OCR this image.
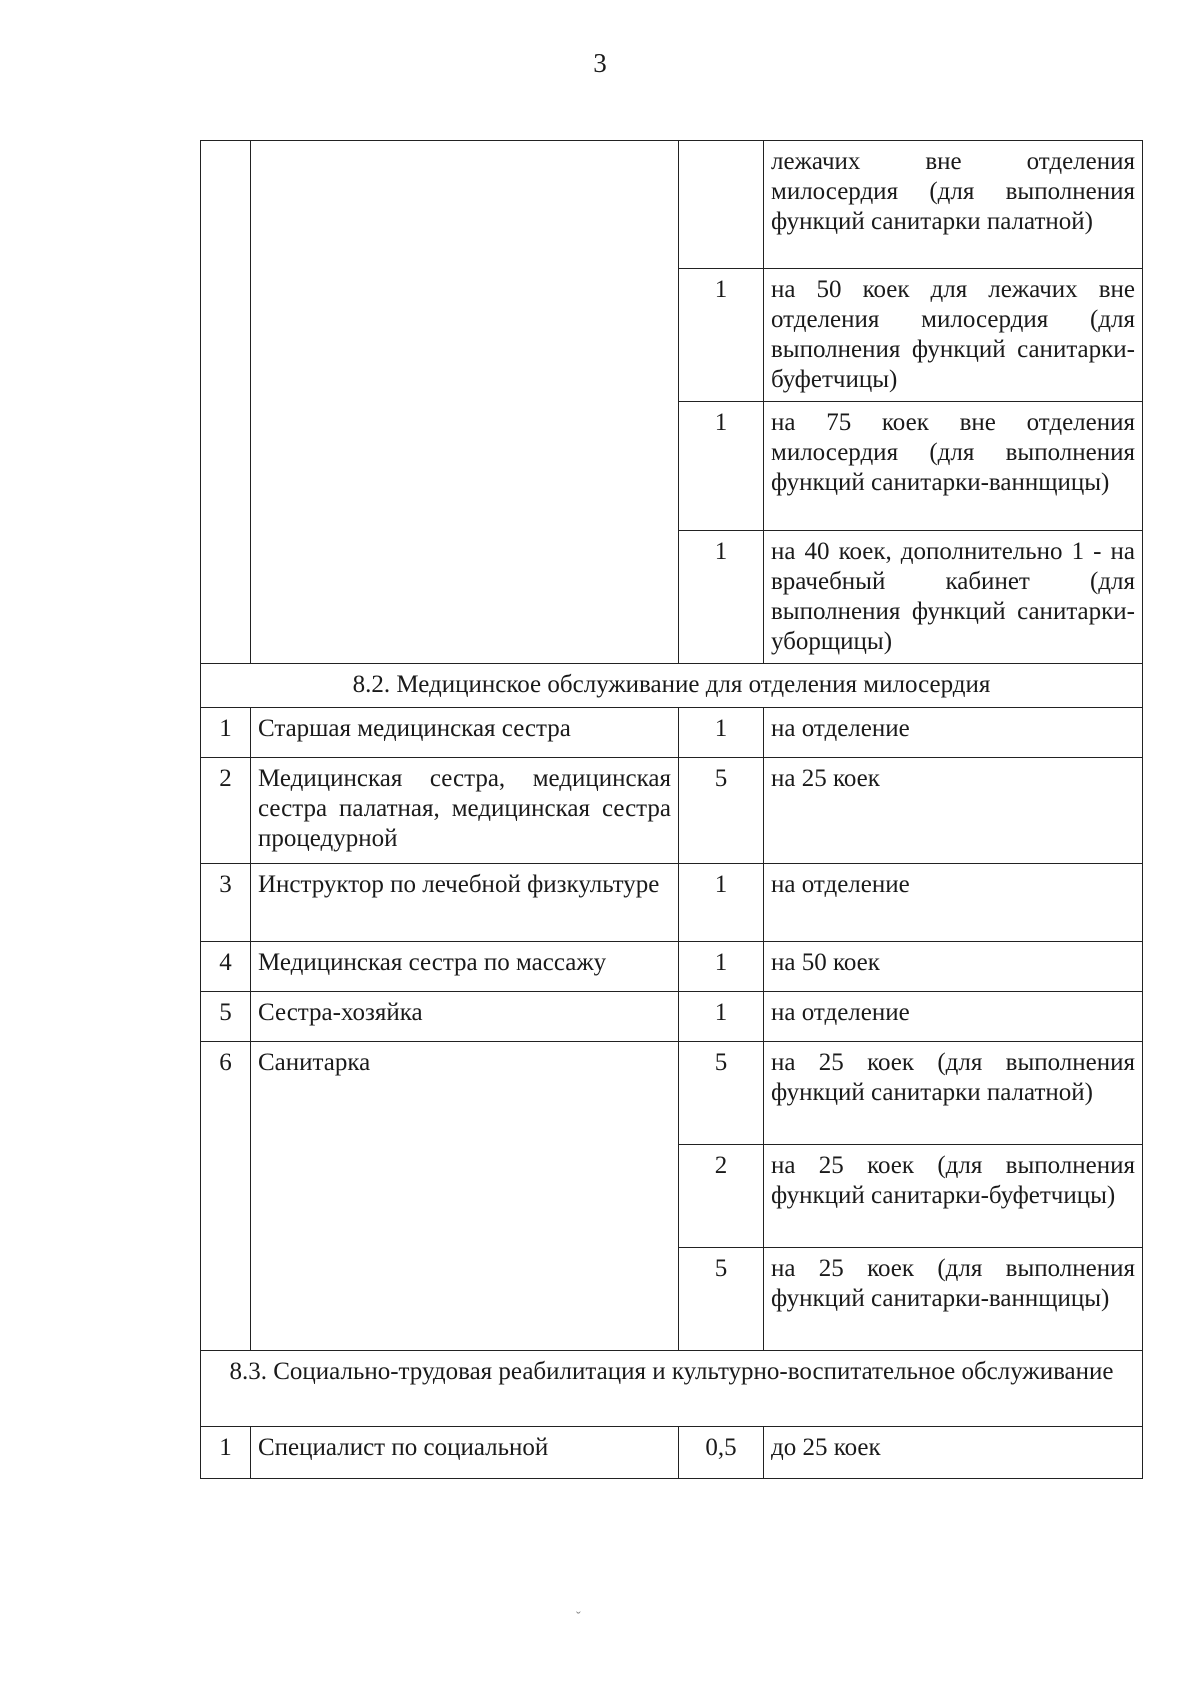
3
			лежачих вне отделения милосердия (для выполнения функций санитарки палатной)
		1	на 50 коек для лежачих вне отделения милосердия (для выполнения функций санитарки-буфетчицы)
		1	на 75 коек вне отделения милосердия (для выполнения функций санитарки-ваннщицы)
		1	на 40 коек, дополнительно 1 - на врачебный кабинет (для выполнения функций санитарки-уборщицы)
8.2. Медицинское обслуживание для отделения милосердия			
1	Старшая медицинская сестра	1	на отделение
2	Медицинская сестра, медицинская сестра палатная, медицинская сестра процедурной	5	на 25 коек
3	Инструктор по лечебной физкультуре	1	на отделение
4	Медицинская сестра по массажу	1	на 50 коек
5	Сестра-хозяйка	1	на отделение
6	Санитарка	5	на 25 коек (для выполнения функций санитарки палатной)
		2	на 25 коек (для выполнения функций санитарки-буфетчицы)
		5	на 25 коек (для выполнения функций санитарки-ваннщицы)
8.3. Социально-трудовая реабилитация и культурно-воспитательное обслуживание			
1	Специалист по социальной	0,5	до 25 коек
ˇ
